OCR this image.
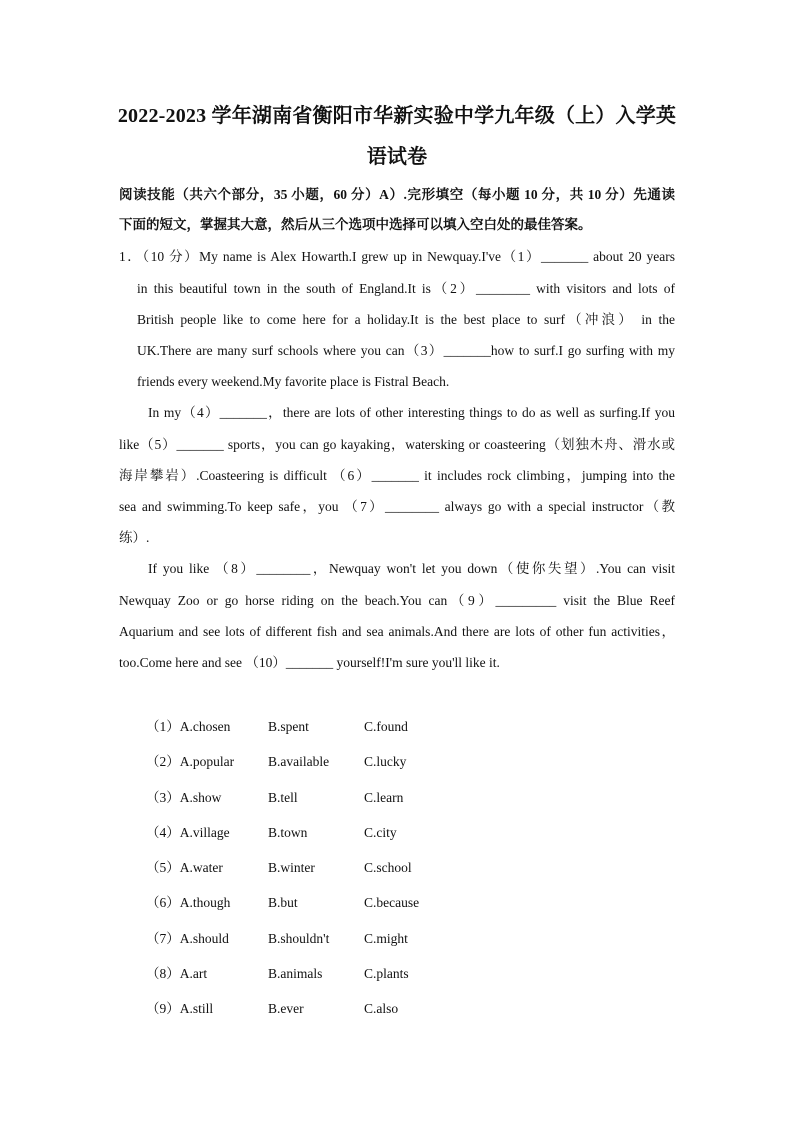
2022-2023 学年湖南省衡阳市华新实验中学九年级（上）入学英
语试卷
阅读技能（共六个部分，35 小题，60 分）A）.完形填空（每小题 10 分，共 10 分）先通读
下面的短文，掌握其大意，然后从三个选项中选择可以填入空白处的最佳答案。
1．（10 分）My name is Alex Howarth.I grew up in Newquay.I've（1）_______ about 20 years
in this beautiful town in the south of England.It is（2）________ with visitors and lots of
British people like to come here for a holiday.It is the best place to surf（冲浪） in the
UK.There are many surf schools where you can（3）_______how to surf.I go surfing with my
friends every weekend.My favorite place is Fistral Beach.
In my（4）_______，there are lots of other interesting things to do as well as surfing.If you
like（5）_______ sports，you can go kayaking，watersking or coasteering（划独木舟、滑水或
海岸攀岩）.Coasteering is difficult （6）_______ it includes rock climbing，jumping into the
sea and swimming.To keep safe，you （7）________ always go with a special instructor（教
练）.
If you like （8）________，Newquay won't let you down（使你失望）.You can visit
Newquay Zoo or go horse riding on the beach.You can（9）_________ visit the Blue Reef
Aquarium and see lots of different fish and sea animals.And there are lots of other fun activities，
too.Come here and see （10）_______ yourself!I'm sure you'll like it.
（1）A.chosen	B.spent	C.found
（2）A.popular	B.available	C.lucky
（3）A.show	B.tell	C.learn
（4）A.village	B.town	C.city
（5）A.water	B.winter	C.school
（6）A.though	B.but	C.because
（7）A.should	B.shouldn't	C.might
（8）A.art	B.animals	C.plants
（9）A.still	B.ever	C.also
